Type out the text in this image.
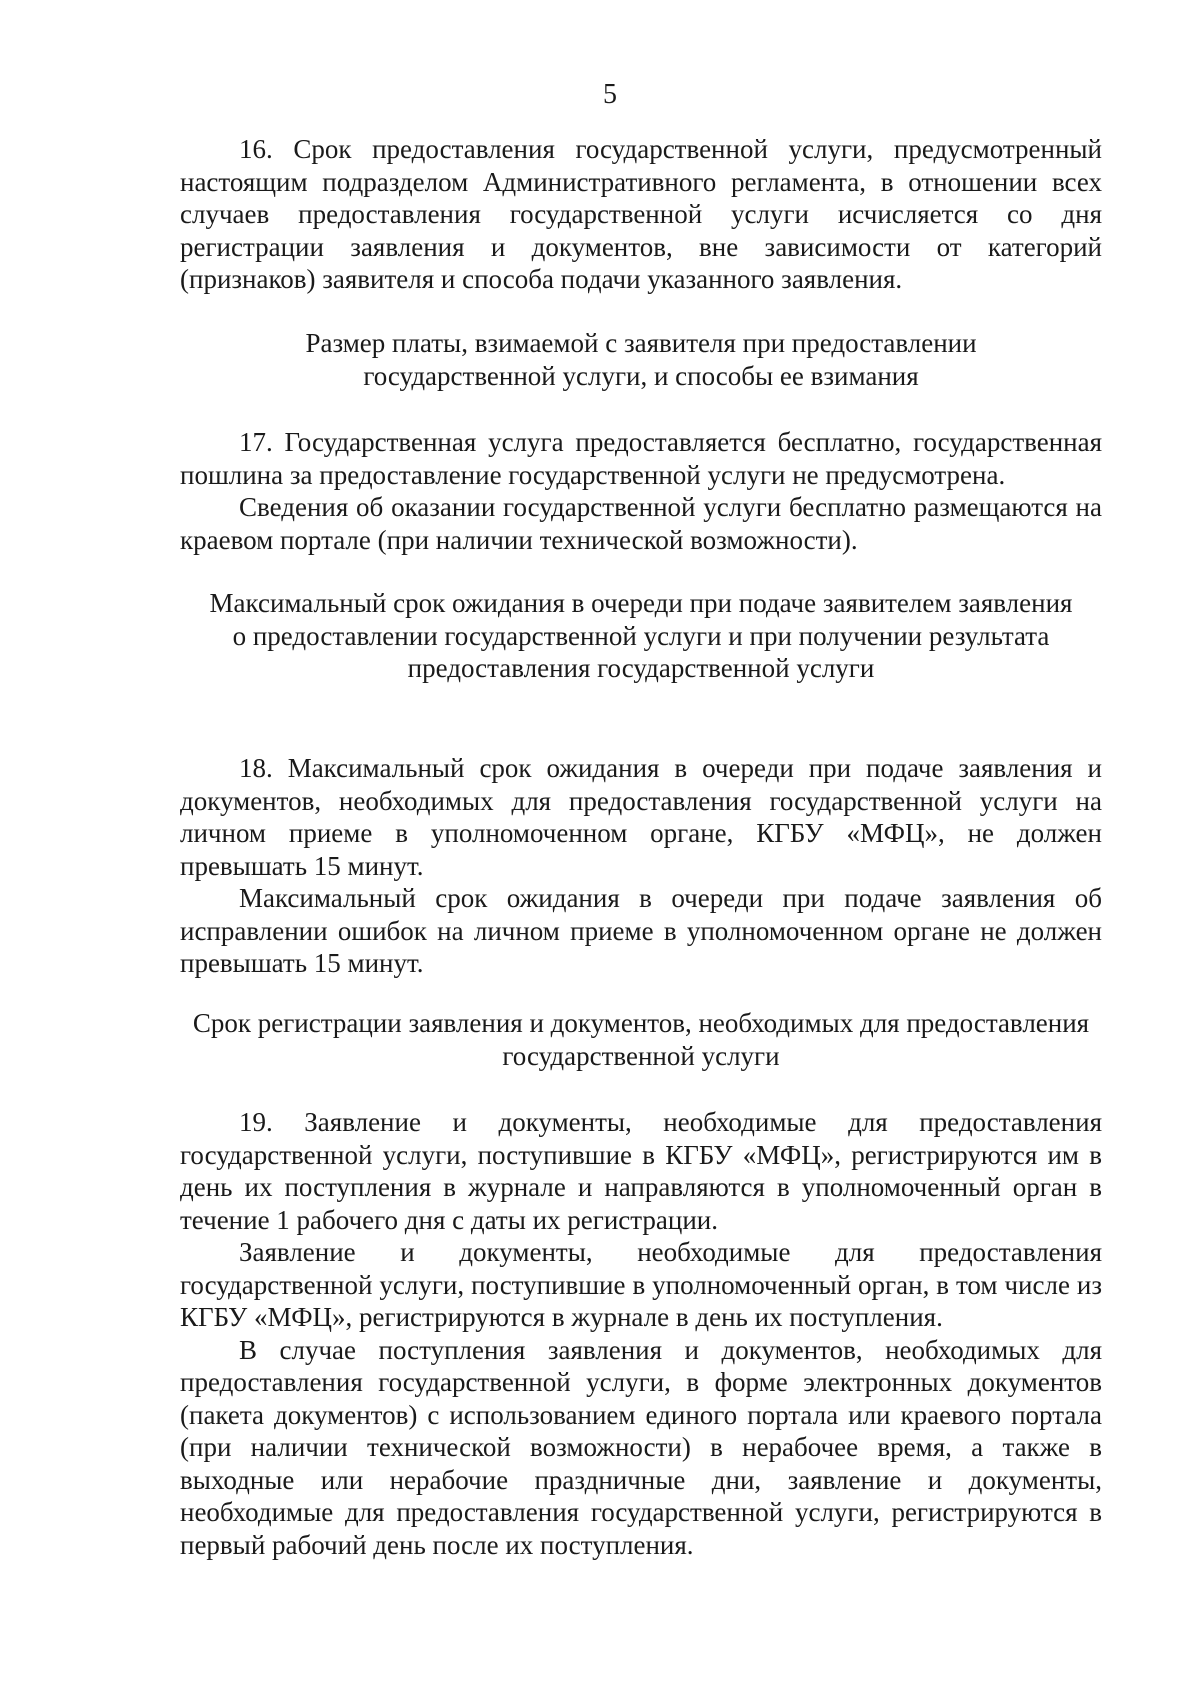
5

16. Срок предоставления государственной услуги, предусмотренный настоящим подразделом Административного регламента, в отношении всех случаев предоставления государственной услуги исчисляется со дня регистрации заявления и документов, вне зависимости от категорий (признаков) заявителя и способа подачи указанного заявления.

Размер платы, взимаемой с заявителя при предоставлении

государственной услуги, и способы ее взимания

17. Государственная услуга предоставляется бесплатно, государственная пошлина за предоставление государственной услуги не предусмотрена.

Сведения об оказании государственной услуги бесплатно размещаются на краевом портале (при наличии технической возможности).

Максимальный срок ожидания в очереди при подаче заявителем заявления

о предоставлении государственной услуги и при получении результата

предоставления государственной услуги

18. Максимальный срок ожидания в очереди при подаче заявления и документов, необходимых для предоставления государственной услуги на личном приеме в уполномоченном органе, КГБУ «МФЦ», не должен превышать 15 минут.

Максимальный срок ожидания в очереди при подаче заявления об исправлении ошибок на личном приеме в уполномоченном органе не должен превышать 15 минут.

Срок регистрации заявления и документов, необходимых для предоставления

государственной услуги

19. Заявление и документы, необходимые для предоставления государственной услуги, поступившие в КГБУ «МФЦ», регистрируются им в день их поступления в журнале и направляются в уполномоченный орган в течение 1 рабочего дня с даты их регистрации.

Заявление и документы, необходимые для предоставления государственной услуги, поступившие в уполномоченный орган, в том числе из КГБУ «МФЦ», регистрируются в журнале в день их поступления.

В случае поступления заявления и документов, необходимых для предоставления государственной услуги, в форме электронных документов (пакета документов) с использованием единого портала или краевого портала (при наличии технической возможности) в нерабочее время, а также в выходные или нерабочие праздничные дни, заявление и документы, необходимые для предоставления государственной услуги, регистрируются в первый рабочий день после их поступления.
